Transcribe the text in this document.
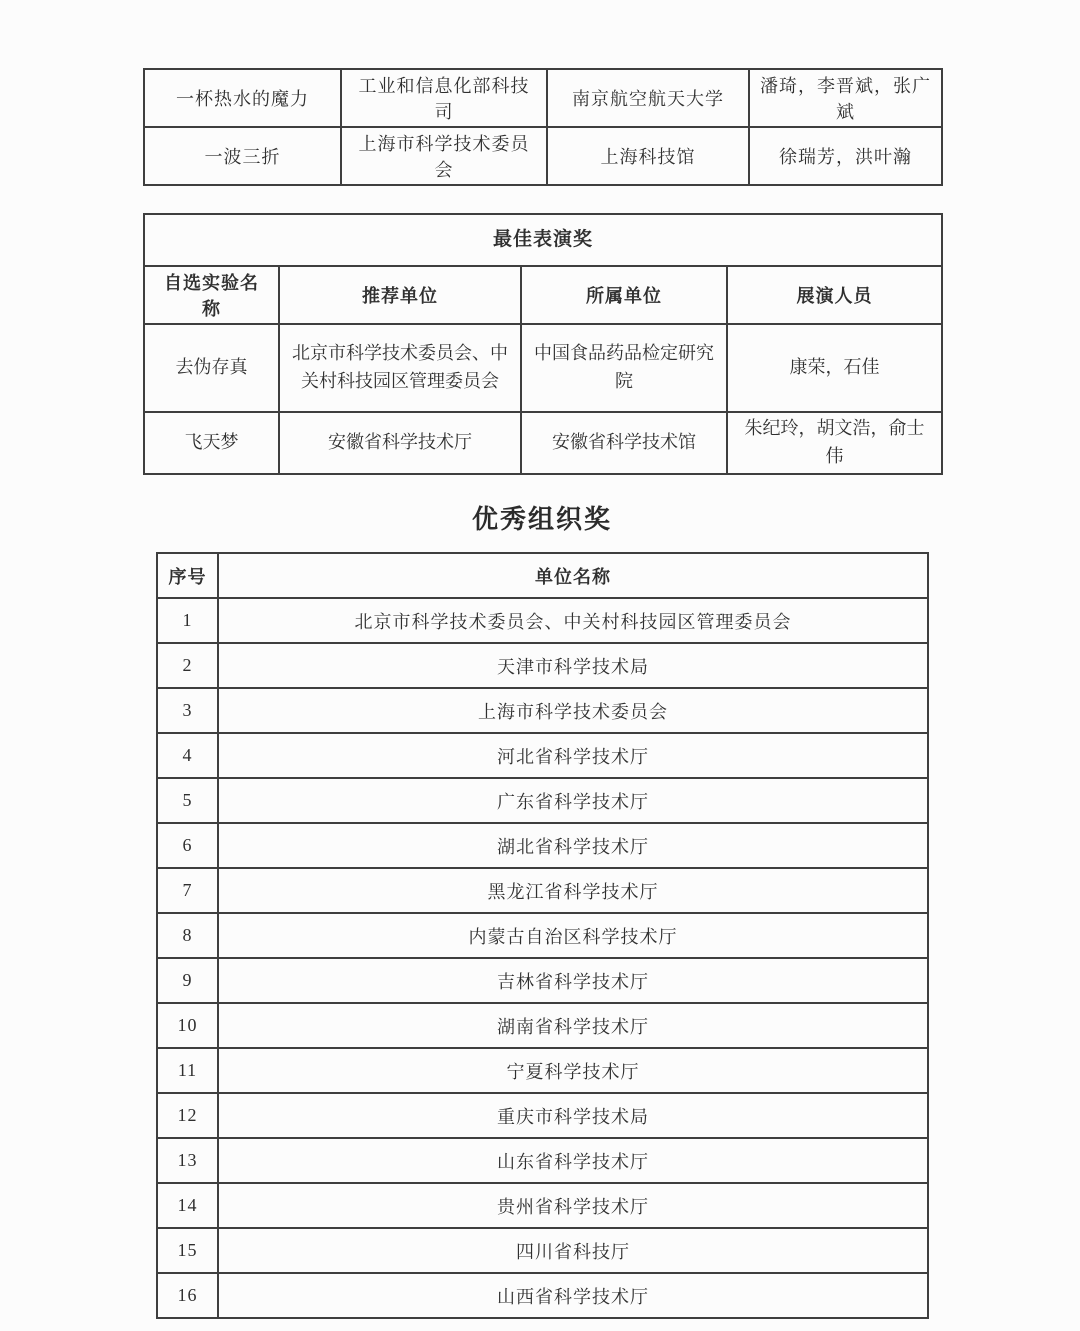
一杯热水的魔力	工业和信息化部科技司	南京航空航天大学	潘琦，李晋斌，张广斌
一波三折	上海市科学技术委员会	上海科技馆	徐瑞芳，洪叶瀚
最佳表演奖			
自选实验名称	推荐单位	所属单位	展演人员
去伪存真	北京市科学技术委员会、中关村科技园区管理委员会	中国食品药品检定研究院	康荣，石佳
飞天梦	安徽省科学技术厅	安徽省科学技术馆	朱纪玲，胡文浩，俞士伟
优秀组织奖
序号	单位名称
1	北京市科学技术委员会、中关村科技园区管理委员会
2	天津市科学技术局
3	上海市科学技术委员会
4	河北省科学技术厅
5	广东省科学技术厅
6	湖北省科学技术厅
7	黑龙江省科学技术厅
8	内蒙古自治区科学技术厅
9	吉林省科学技术厅
10	湖南省科学技术厅
11	宁夏科学技术厅
12	重庆市科学技术局
13	山东省科学技术厅
14	贵州省科学技术厅
15	四川省科技厅
16	山西省科学技术厅
